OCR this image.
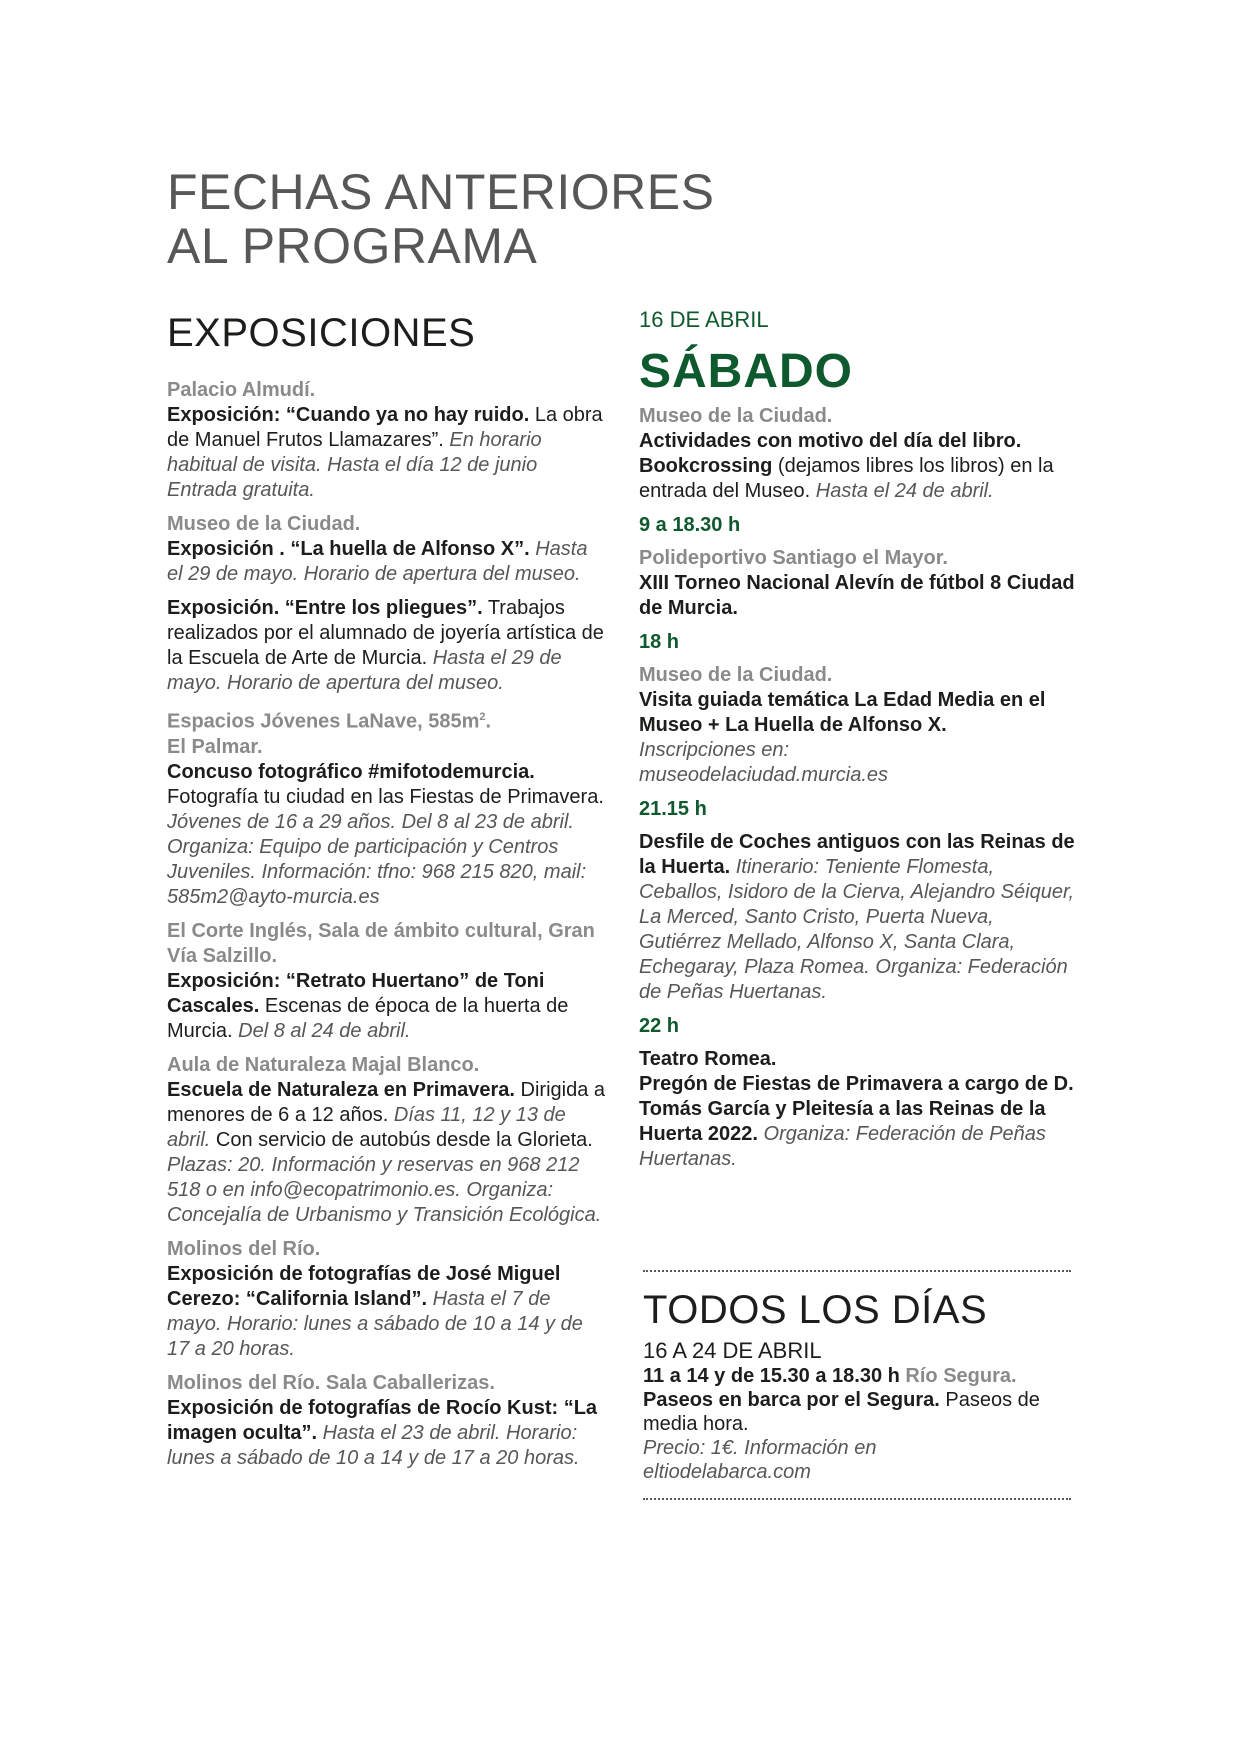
FECHAS ANTERIORES
AL PROGRAMA
EXPOSICIONES
Palacio Almudí.
Exposición: “Cuando ya no hay ruido. La obra de Manuel Frutos Llamazares”. En horario habitual de visita. Hasta el día 12 de junio Entrada gratuita.
Museo de la Ciudad.
Exposición . “La huella de Alfonso X”. Hasta el 29 de mayo. Horario de apertura del museo.
Exposición. “Entre los pliegues”. Trabajos realizados por el alumnado de joyería artística de la Escuela de Arte de Murcia. Hasta el 29 de mayo. Horario de apertura del museo.
Espacios Jóvenes LaNave, $585m^2$.
El Palmar.
Concuso fotográfico #mifotodemurcia. Fotografía tu ciudad en las Fiestas de Primavera. Jóvenes de 16 a 29 años. Del 8 al 23 de abril. Organiza: Equipo de participación y Centros Juveniles. Información: tfno: 968 215 820, mail: 585m2@ayto-murcia.es
El Corte Inglés, Sala de ámbito cultural, Gran Vía Salzillo.
Exposición: “Retrato Huertano” de Toni Cascales. Escenas de época de la huerta de Murcia. Del 8 al 24 de abril.
Aula de Naturaleza Majal Blanco.
Escuela de Naturaleza en Primavera. Dirigida a menores de 6 a 12 años. Días 11, 12 y 13 de abril. Con servicio de autobús desde la Glorieta. Plazas: 20. Información y reservas en 968 212 518 o en info@ecopatrimonio.es. Organiza: Concejalía de Urbanismo y Transición Ecológica.
Molinos del Río.
Exposición de fotografías de José Miguel Cerezo: “California Island”. Hasta el 7 de mayo. Horario: lunes a sábado de 10 a 14 y de 17 a 20 horas.
Molinos del Río. Sala Caballerizas.
Exposición de fotografías de Rocío Kust: “La imagen oculta”. Hasta el 23 de abril. Horario: lunes a sábado de 10 a 14 y de 17 a 20 horas.
16 DE ABRIL
SÁBADO
Museo de la Ciudad.
Actividades con motivo del día del libro. Bookcrossing (dejamos libres los libros) en la entrada del Museo. Hasta el 24 de abril.
9 a 18.30 h
Polideportivo Santiago el Mayor.
XIII Torneo Nacional Alevín de fútbol 8 Ciudad de Murcia.
18 h
Museo de la Ciudad.
Visita guiada temática La Edad Media en el Museo + La Huella de Alfonso X.
Inscripciones en:
museodelaciudad.murcia.es
21.15 h
Desfile de Coches antiguos con las Reinas de la Huerta. Itinerario: Teniente Flomesta, Ceballos, Isidoro de la Cierva, Alejandro Séiquer, La Merced, Santo Cristo, Puerta Nueva, Gutiérrez Mellado, Alfonso X, Santa Clara, Echegaray, Plaza Romea. Organiza: Federación de Peñas Huertanas.
22 h
Teatro Romea.
Pregón de Fiestas de Primavera a cargo de D. Tomás García y Pleitesía a las Reinas de la Huerta 2022. Organiza: Federación de Peñas Huertanas.
TODOS LOS DÍAS
16 A 24 DE ABRIL
11 a 14 y de 15.30 a 18.30 h Río Segura.
Paseos en barca por el Segura. Paseos de media hora.
Precio: 1€. Información en
eltiodelabarca.com
